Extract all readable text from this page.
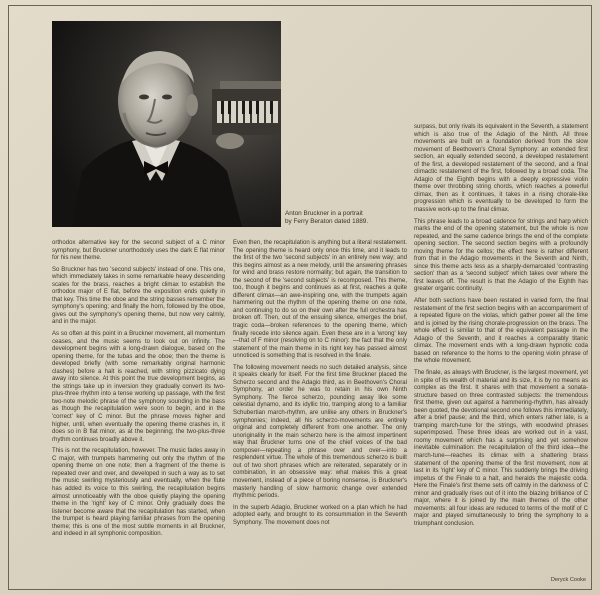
Anton Bruckner in a portrait
by Ferry Beraton dated 1889.

orthodox alternative key for the second subject of a C minor symphony, but Bruckner unorthodoxly uses the dark E flat minor for his new theme.

So Bruckner has two 'second subjects' instead of one. This one, which immediately takes in some remarkable heavy descending scales for the brass, reaches a bright climax to establish the orthodox major of E flat, before the exposition ends quietly in that key. This time the oboe and the string basses remember the symphony's opening; and finally the horn, followed by the oboe, gives out the symphony's opening theme, but now very calmly, and in the major.

As so often at this point in a Bruckner movement, all momentum ceases, and the music seems to look out on infinity. The development begins with a long-drawn dialogue, based on the opening theme, for the tubas and the oboe; then the theme is developed briefly (with some remarkably original harmonic clashes) before a halt is reached, with string pizzicato dying away into silence. At this point the true development begins, as the strings take up in inversion they gradually convert its two-plus-three rhythm into a tense working up passage, with the first two-note melodic phrase of the symphony sounding in the bass as though the recapitulation were soon to begin, and in the 'correct' key of C minor. But the phrase moves higher and higher, until, when eventually the opening theme crashes in, it does so in B flat minor, as at the beginning; the two-plus-three rhythm continues broadly above it.

This is not the recapitulation, however. The music fades away in C major, with trumpets hammering out only the rhythm of the opening theme on one note; then a fragment of the theme is repeated over and over, and developed in such a way as to set the music swirling mysteriously and eventually, when the flute has added its voice to this swirling, the recapitulation begins almost unnoticeably with the oboe quietly playing the opening theme in the 'right' key of C minor. Only gradually does the listener become aware that the recapitulation has started, when the trumpet is heard playing familiar phrases from the opening theme; this is one of the most subtle moments in all Bruckner, and indeed in all symphonic composition.

Even then, the recapitulation is anything but a literal restatement. The opening theme is heard only once this time, and it leads to the first of the two 'second subjects' in an entirely new way; and this begins almost as a new melody, until the answering phrases for wind and brass restore normality; but again, the transition to the second of the 'second subjects' is recomposed. This theme, too, though it begins and continues as at first, reaches a quite different climax—an awe-inspiring one, with the trumpets again hammering out the rhythm of the opening theme on one note, and continuing to do so on their own after the full orchestra has broken off. Then, out of the ensuing silence, emerges the brief, tragic coda—broken references to the opening theme, which finally recede into silence again. Even these are in a 'wrong' key—that of F minor (resolving on to C minor): the fact that the only statement of the main theme in its right key has passed almost unnoticed is something that is resolved in the finale.

The following movement needs no such detailed analysis, since it speaks clearly for itself. For the first time Bruckner placed the Scherzo second and the Adagio third, as in Beethoven's Choral Symphony, an order he was to retain in his own Ninth Symphony. The fierce scherzo, pounding away like some celestial dynamo, and its idyllic trio, tramping along to a familiar Schubertian march-rhythm, are unlike any others in Bruckner's symphonies; indeed, all his scherzo-movements are entirely original and completely different from one another. The only unoriginality in the main scherzo here is the almost impertinent way that Bruckner turns one of the chief voices of the bad composer—repeating a phrase over and over—into a resplendent virtue. The whole of this tremendous scherzo is built out of two short phrases which are reiterated, separately or in combination, in an obsessive way: what makes this a great movement, instead of a piece of boring nonsense, is Bruckner's masterly handling of slow harmonic change over extended rhythmic periods.

In the superb Adagio, Bruckner worked on a plan which he had adopted early, and brought to its consummation in the Seventh Symphony. The movement does not

surpass, but only rivals its equivalent in the Seventh, a statement which is also true of the Adagio of the Ninth. All three movements are built on a foundation derived from the slow movement of Beethoven's Choral Symphony: an extended first section, an equally extended second, a developed restatement of the first, a developed restatement of the second, and a final climactic restatement of the first, followed by a broad coda. The Adagio of the Eighth begins with a deeply expressive violin theme over throbbing string chords, which reaches a powerful climax, then as it continues, it takes in a rising chorale-like progression which is eventually to be developed to form the massive work-up to the final climax.

This phrase leads to a broad cadence for strings and harp which marks the end of the opening statement, but the whole is now repeated, and the same cadence brings the end of the complete opening section. The second section begins with a profoundly moving theme for the cellos; the effect here is rather different from that in the Adagio movements in the Seventh and Ninth, since this theme acts less as a sharply-demarcated 'contrasting section' than as a 'second subject' which takes over where the first leaves off. The result is that the Adagio of the Eighth has greater organic continuity.

After both sections have been restated in varied form, the final restatement of the first section begins with an accompaniment of a repeated figure on the violas, which gather power all the time and is joined by the rising chorale-progression on the brass. The whole effect is similar to that of the equivalent passage in the Adagio of the Seventh, and it reaches a comparably titanic climax. The movement ends with a long-drawn hypnotic coda based on reference to the horns to the opening violin phrase of the whole movement.

The finale, as always with Bruckner, is the largest movement, yet in spite of its wealth of material and its size, it is by no means as complex as the first. It shares with that movement a sonata-structure based on three contrasted subjects: the tremendous first theme, given out against a hammering-rhythm, has already been quoted, the devotional second one follows this immediately, after a brief pause; and the third, which enters rather late, is a tramping march-tune for the strings, with woodwind phrases superimposed. These three ideas are worked out in a vast, roomy movement which has a surprising and yet somehow inevitable culmination: the recapitulation of the third idea—the march-tune—reaches its climax with a shattering brass statement of the opening theme of the first movement, now at last in its 'right' key of C minor. This suddenly brings the driving impetus of the Finale to a halt, and heralds the majestic coda. Here the Finale's first theme sets off calmly in the darkness of C minor and gradually rises out of it into the blazing brilliance of C major, where it is joined by the main themes of the other movements: all four ideas are reduced to terms of the motif of C major and played simultaneously to bring the symphony to a triumphant conclusion.

Deryck Cooke
